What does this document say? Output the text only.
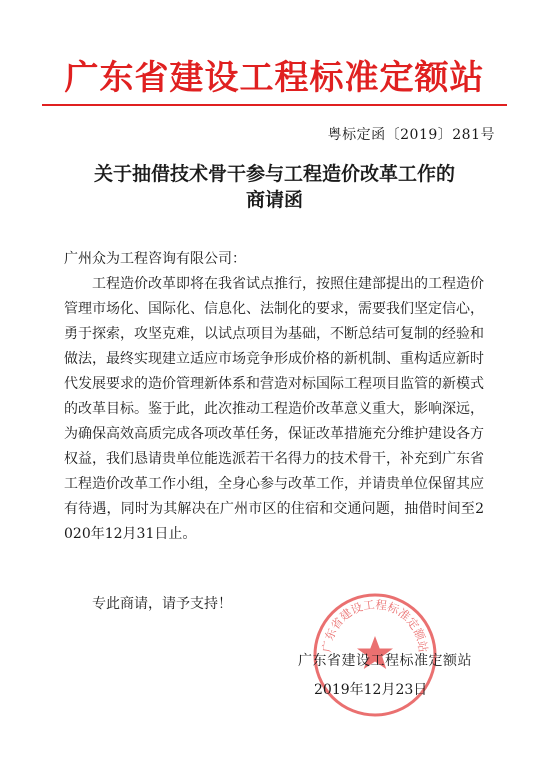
广东省建设工程标准定额站
粤标定函〔2019〕281号
关于抽借技术骨干参与工程造价改革工作的
商请函
广州众为工程咨询有限公司：
工程造价改革即将在我省试点推行，按照住建部提出的工程造价管理市场化、国际化、信息化、法制化的要求，需要我们坚定信心，勇于探索，攻坚克难，以试点项目为基础，不断总结可复制的经验和做法，最终实现建立适应市场竞争形成价格的新机制、重构适应新时代发展要求的造价管理新体系和营造对标国际工程项目监管的新模式的改革目标。鉴于此，此次推动工程造价改革意义重大，影响深远，为确保高效高质完成各项改革任务，保证改革措施充分维护建设各方权益，我们恳请贵单位能选派若干名得力的技术骨干，补充到广东省工程造价改革工作小组，全身心参与改革工作，并请贵单位保留其应有待遇，同时为其解决在广州市区的住宿和交通问题，抽借时间至2020年12月31日止。
专此商请，请予支持！
广东省建设工程标准定额站
广东省建设工程标准定额站
2019年12月23日
